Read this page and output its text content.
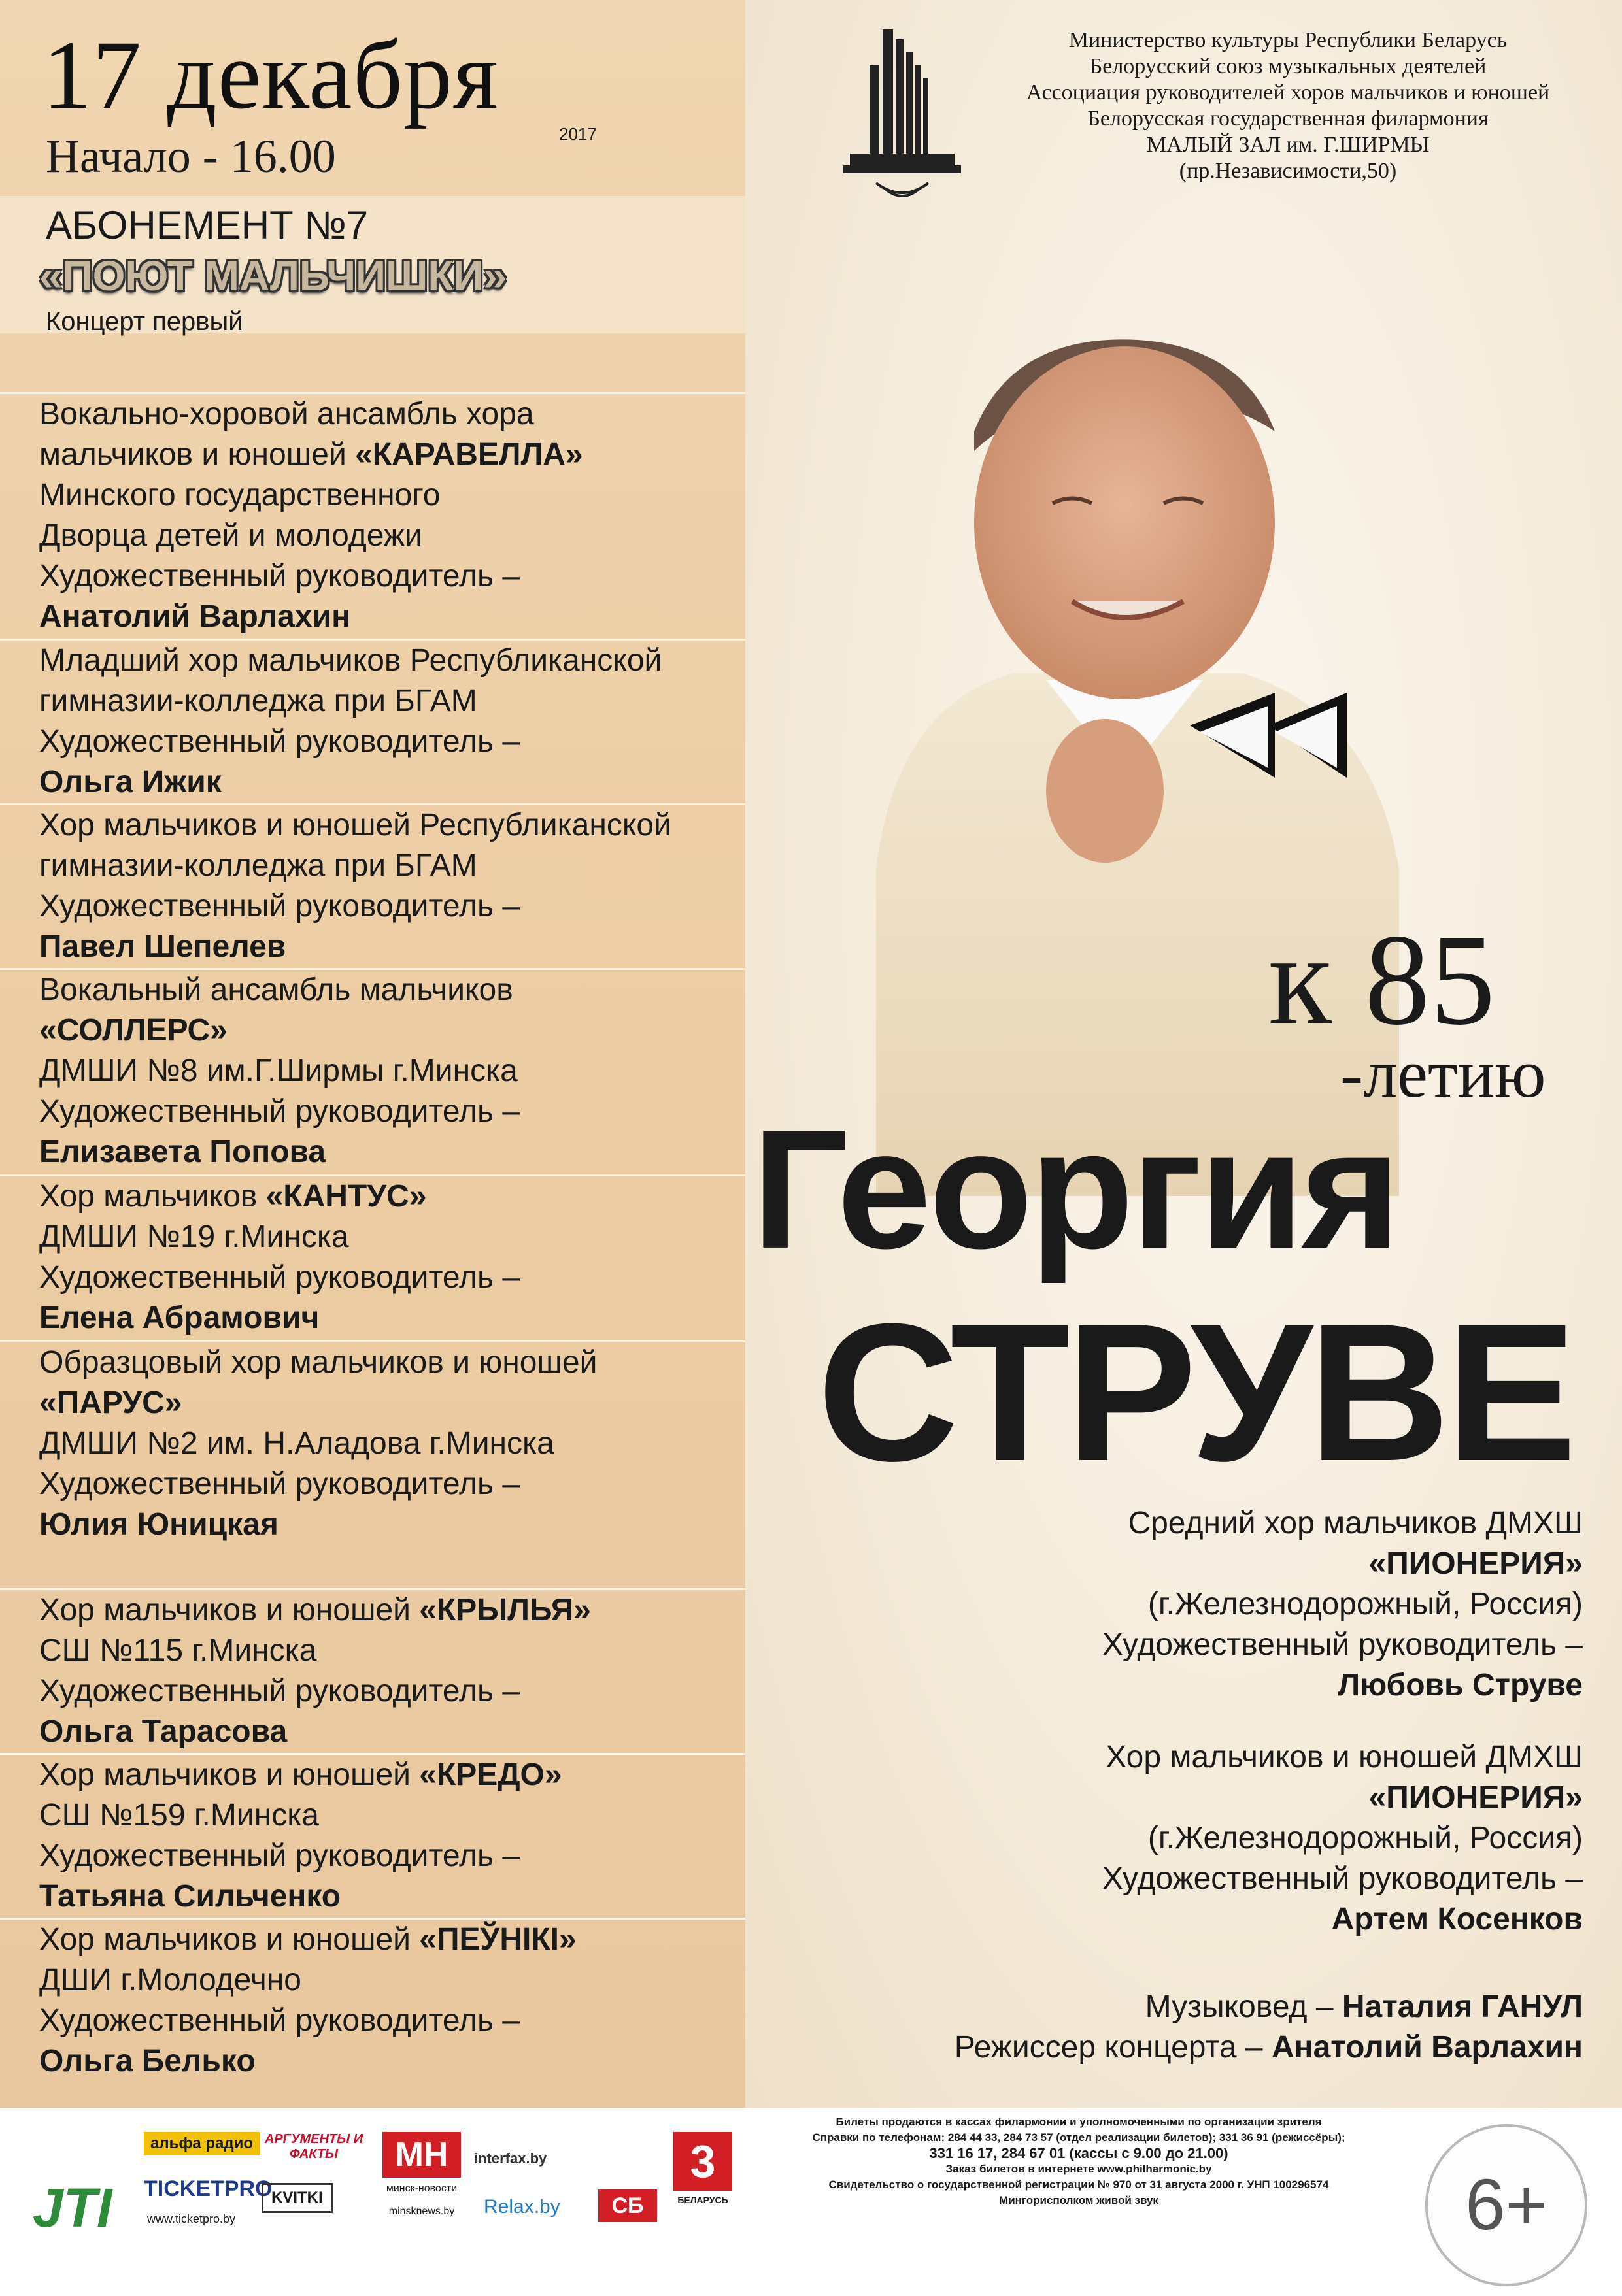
17 декабря
2017
Начало - 16.00
АБОНЕМЕНТ №7
«ПОЮТ МАЛЬЧИШКИ»
Концерт первый
Вокально-хоровой ансамбль хора
мальчиков и юношей «КАРАВЕЛЛА»
Минского государственного
Дворца детей и молодежи
Художественный руководитель –
Анатолий Варлахин
Младший хор мальчиков Республиканской
гимназии-колледжа при БГАМ
Художественный руководитель –
Ольга Ижик
Хор мальчиков и юношей Республиканской
гимназии-колледжа при БГАМ
Художественный руководитель –
Павел Шепелев
Вокальный ансамбль мальчиков
«СОЛЛЕРС»
ДМШИ №8 им.Г.Ширмы г.Минска
Художественный руководитель –
Елизавета Попова
Хор мальчиков «КАНТУС»
ДМШИ №19 г.Минска
Художественный руководитель –
Елена Абрамович
Образцовый хор мальчиков и юношей
«ПАРУС»
ДМШИ №2 им. Н.Аладова г.Минска
Художественный руководитель –
Юлия Юницкая
Хор мальчиков и юношей «КРЫЛЬЯ»
СШ №115 г.Минска
Художественный руководитель –
Ольга Тарасова
Хор мальчиков и юношей «КРЕДО»
СШ №159 г.Минска
Художественный руководитель –
Татьяна Сильченко
Хор мальчиков и юношей «ПЕЎНІКІ»
ДШИ г.Молодечно
Художественный руководитель –
Ольга Белько
Министерство культуры Республики Беларусь
Белорусский союз музыкальных деятелей
Ассоциация руководителей хоров мальчиков и юношей
Белорусская государственная филармония
МАЛЫЙ ЗАЛ им. Г.ШИРМЫ
(пр.Независимости,50)
к 85
-летию
Георгия
СТРУВЕ
Средний хор мальчиков ДМХШ
«ПИОНЕРИЯ»
(г.Железнодорожный, Россия)
Художественный руководитель –
Любовь Струве
Хор мальчиков и юношей ДМХШ
«ПИОНЕРИЯ»
(г.Железнодорожный, Россия)
Художественный руководитель –
Артем Косенков
Музыковед – Наталия ГАНУЛ
Режиссер концерта – Анатолий Варлахин
JTI
альфа радио
TICKETPRO
www.ticketpro.by
АРГУМЕНТЫ И ФАКТЫ
KVITKI
MH
минск-новости
minsknews.by
interfax.by
Relax.by	СБ
3
БЕЛАРУСЬ
Билеты продаются в кассах филармонии и уполномоченными по организации зрителя
Справки по телефонам: 284 44 33, 284 73 57 (отдел реализации билетов); 331 36 91 (режиссёры);
331 16 17, 284 67 01 (кассы с 9.00 до 21.00)
Заказ билетов в интернете www.philharmonic.by
Свидетельство о государственной регистрации № 970 от 31 августа 2000 г. УНП 100296574
Мингорисполком живой звук	6+
